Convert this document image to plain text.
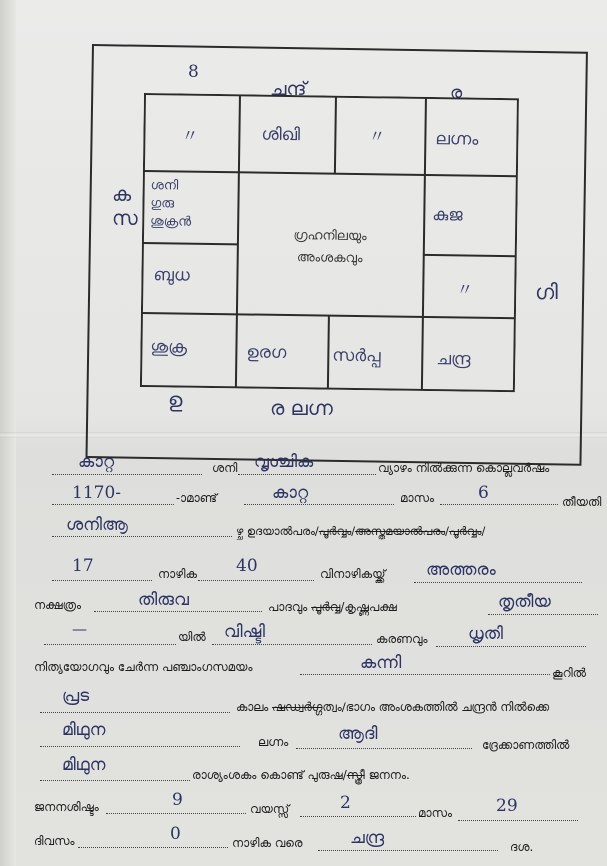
8
ചന്ദ്	ര
ക
സ
ഗി
ഉ	ര ലഗ്ന
ഗ്രഹനിലയും
അംശകവും
〃	ശിഖി	〃	ലഗ്നം
ശനി
ഗുരു
ശുക്രൻ
ബുധ
കുജ
〃
ശുക്ര	ഉരഗ	സർപ്പ	ചന്ദ്ര
കാറ്റ	ശനി വൃശ്ചിക	വ്യാഴം നിൽക്കുന്ന കൊല്ലവർഷം
1170-	-ാമാണ്ട്	കാറ്റ	മാസം	6	തീയതി
ശനിആ	ഴ്ച ഉദയാൽപരം/പൂർവ്വം/അസ്തമയാൽപരം/പൂർവ്വം/
17	നാഴിക 40	വിനാഴികയ്ക്ക് അത്തരം
നക്ഷത്രം	തിരുവ	പാദവും പൂർവ്വ/കൃഷ്ണപക്ഷ	തൃതീയ
—	യിൽ വിഷ്ടി	കരണവും ധൃതി
നിത്യയോഗവും ചേർന്ന പഞ്ചാംഗസമയം	കന്നി	കൂറിൽ
പ്രട
കാലം ഷഡ്വർഗ്ഗത്വം/ഭാഗം അംശകത്തിൽ ചന്ദ്രൻ നിൽക്കെ
മിഥുന
ലഗ്നം	ആദി
ദ്രേക്കാണത്തിൽ
മിഥുന	രാശ്യംശകം കൊണ്ട് പുരുഷ/സ്ത്രീ ജനനം.
ജനനശിഷ്ടം	9	വയസ്സ്	2	മാസം	29
ദിവസം	0	നാഴിക വരെ	ചന്ദ്ര	ദശ.
